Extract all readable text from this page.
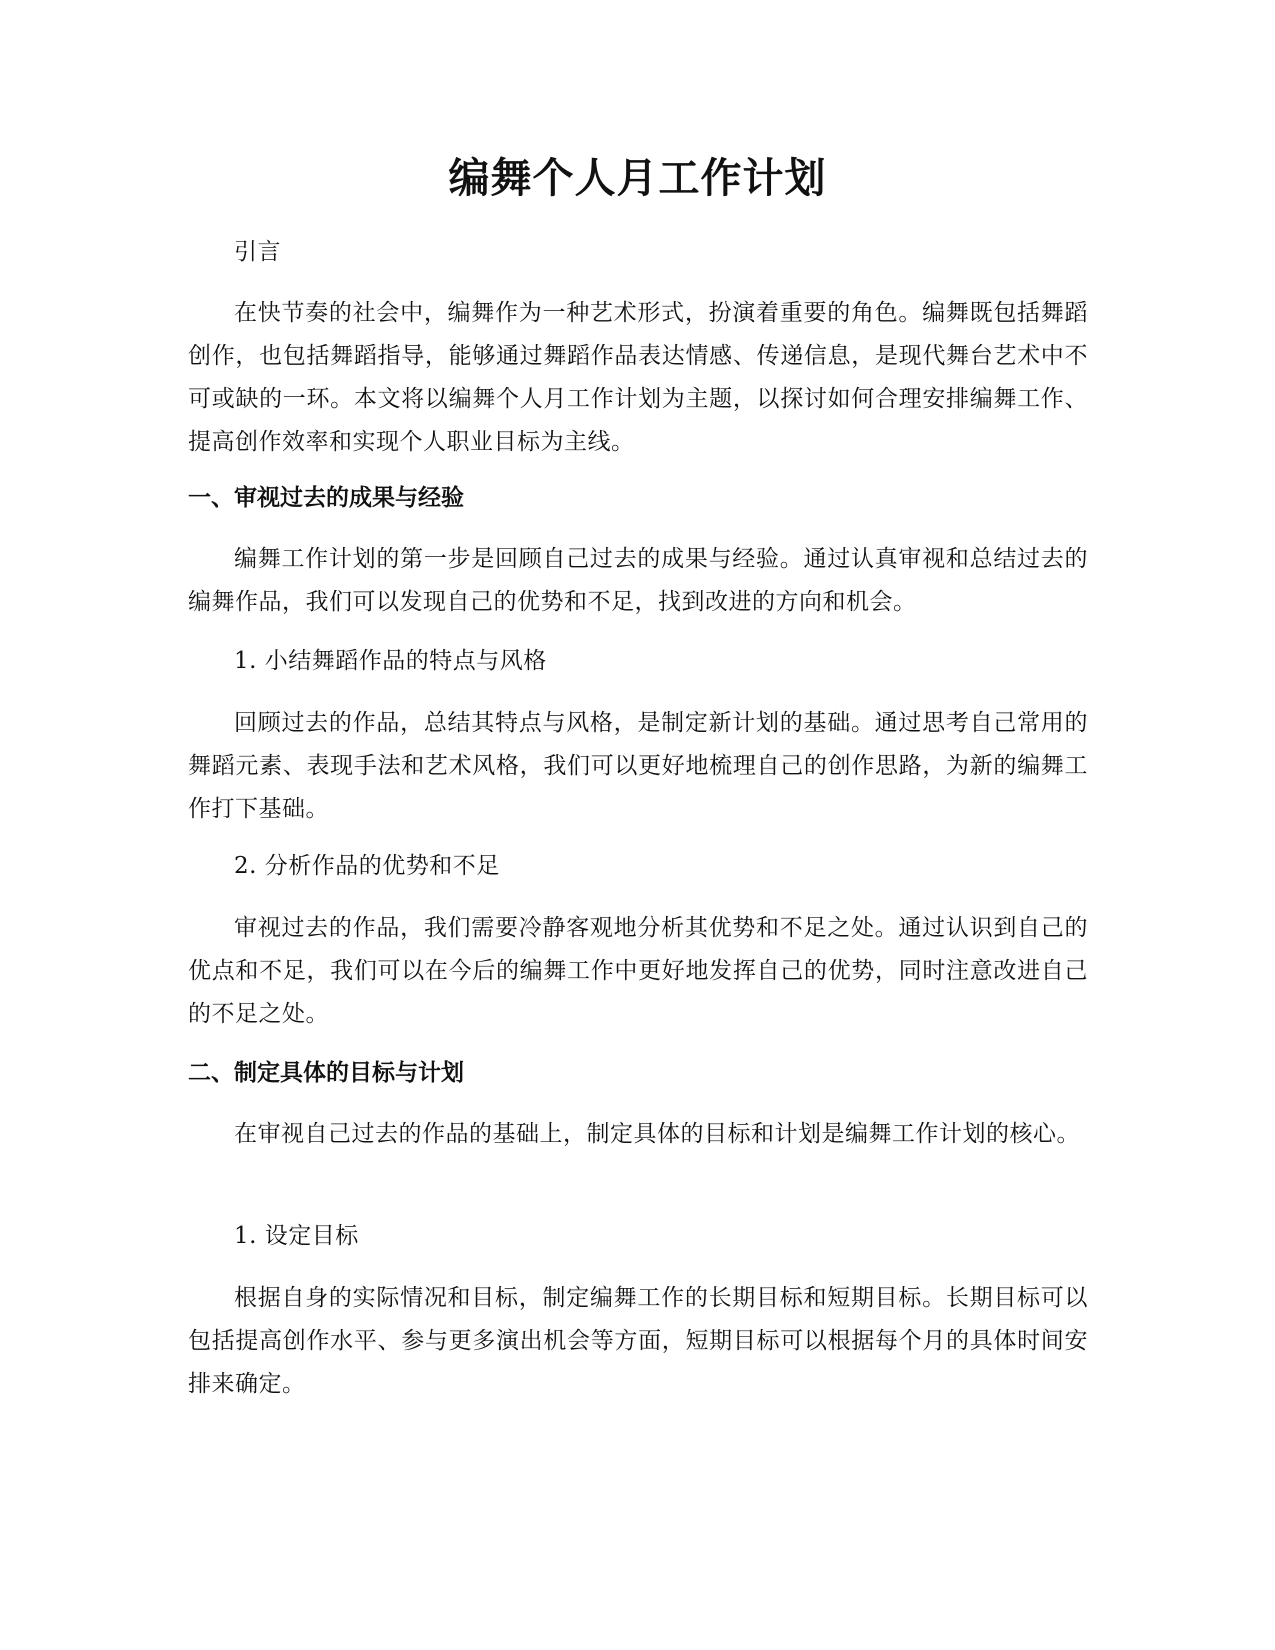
编舞个人月工作计划

引言

在快节奏的社会中，编舞作为一种艺术形式，扮演着重要的角色。编舞既包括舞蹈创作，也包括舞蹈指导，能够通过舞蹈作品表达情感、传递信息，是现代舞台艺术中不可或缺的一环。本文将以编舞个人月工作计划为主题，以探讨如何合理安排编舞工作、提高创作效率和实现个人职业目标为主线。

一、审视过去的成果与经验

编舞工作计划的第一步是回顾自己过去的成果与经验。通过认真审视和总结过去的编舞作品，我们可以发现自己的优势和不足，找到改进的方向和机会。

1. 小结舞蹈作品的特点与风格

回顾过去的作品，总结其特点与风格，是制定新计划的基础。通过思考自己常用的舞蹈元素、表现手法和艺术风格，我们可以更好地梳理自己的创作思路，为新的编舞工作打下基础。

2. 分析作品的优势和不足

审视过去的作品，我们需要冷静客观地分析其优势和不足之处。通过认识到自己的优点和不足，我们可以在今后的编舞工作中更好地发挥自己的优势，同时注意改进自己的不足之处。

二、制定具体的目标与计划

在审视自己过去的作品的基础上，制定具体的目标和计划是编舞工作计划的核心。

1. 设定目标

根据自身的实际情况和目标，制定编舞工作的长期目标和短期目标。长期目标可以包括提高创作水平、参与更多演出机会等方面，短期目标可以根据每个月的具体时间安排来确定。
